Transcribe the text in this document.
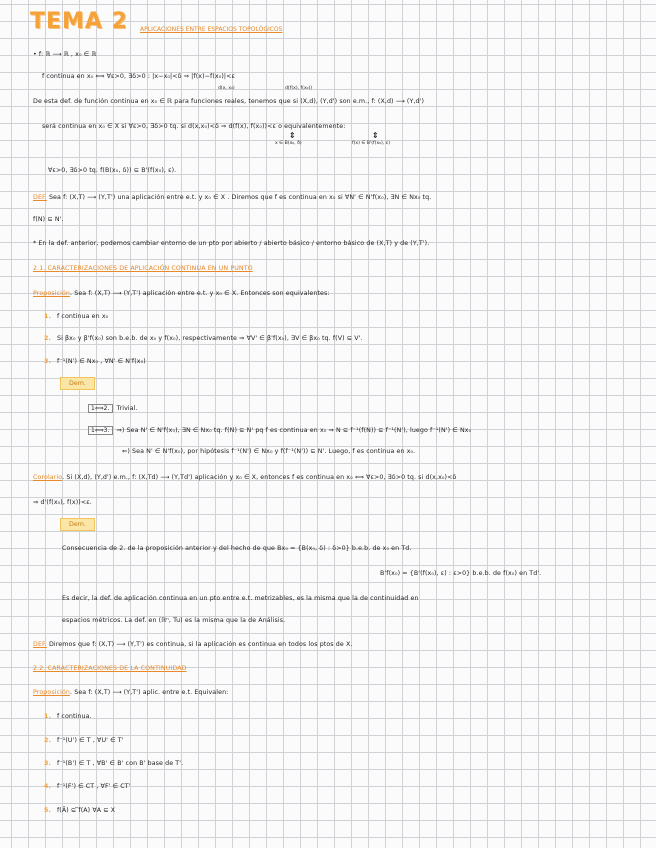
TEMA 2 APLICACIONES ENTRE ESPACIOS TOPOLÓGICOS
• f: ℝ ⟶ ℝ , x₀ ∈ ℝ
f continua en x₀ ⟺ ∀ε>0, ∃δ>0 : |x−x₀|<δ ⇒ |f(x)−f(x₀)|<ε
d(x, x₀)	d(f(x), f(x₀))
De esta def. de función continua en x₀ ∈ ℝ para funciones reales, tenemos que si (X,d), (Y,d') son e.m., f: (X,d) ⟶ (Y,d')
será continua en x₀ ∈ X si ∀ε>0, ∃δ>0 tq. si d(x,x₀)<δ ⇒ d(f(x), f(x₀))<ε o equivalentemente:
⇕	⇕
x ∈ B(x₀, δ)	f(x) ∈ B'(f(x₀), ε)
∀ε>0, ∃δ>0 tq. f(B(x₀, δ)) ⊆ B'(f(x₀), ε).
DEF. Sea f: (X,T) ⟶ (Y,T') una aplicación entre e.t. y x₀ ∈ X . Diremos que f es continua en x₀ si ∀N' ∈ N'f(x₀), ∃N ∈ Nx₀ tq.
f(N) ⊆ N'.
* En la def. anterior, podemos cambiar entorno de un pto por abierto / abierto básico / entorno básico de (X,T) y de (Y,T').
2.1. CARACTERIZACIONES DE APLICACIÓN CONTINUA EN UN PUNTO
Proposición. Sea f: (X,T) ⟶ (Y,T') aplicación entre e.t. y x₀ ∈ X. Entonces son equivalentes:
1. f continua en x₀
2. Si βx₀ y β'f(x₀) son b.e.b. de x₀ y f(x₀), respectivamente ⇒ ∀V' ∈ β'f(x₀), ∃V ∈ βx₀ tq. f(V) ⊆ V'.
3. f⁻¹(N') ∈ Nx₀ , ∀N' ∈ N'f(x₀)
Dem.
1⟺2. Trivial.
1⟺3. ⇒) Sea N' ∈ N'f(x₀), ∃N ∈ Nx₀ tq. f(N) ⊆ N' pq f es continua en x₀ ⇒ N ⊆ f⁻¹(f(N)) ⊆ f⁻¹(N'), luego f⁻¹(N') ∈ Nx₀
⇐) Sea N' ∈ N'f(x₀), por hipótesis f⁻¹(N') ∈ Nx₀ y f(f⁻¹(N')) ⊆ N'. Luego, f es continua en x₀.
Corolario. Si (X,d), (Y,d') e.m., f: (X,Td) ⟶ (Y,Td') aplicación y x₀ ∈ X, entonces f es continua en x₀ ⟺ ∀ε>0, ∃δ>0 tq. si d(x,x₀)<δ
⇒ d'(f(x₀), f(x))<ε.
Dem.
Consecuencia de 2. de la proposición anterior y del hecho de que Bx₀ = {B(x₀, δ) : δ>0} b.e.b. de x₀ en Td.
B'f(x₀) = {B'(f(x₀), ε) : ε>0} b.e.b. de f(x₀) en Td'.
Es decir, la def. de aplicación continua en un pto entre e.t. metrizables, es la misma que la de continuidad en
espacios métricos. La def. en (ℝⁿ, Tu) es la misma que la de Análisis.
DEF. Diremos que f: (X,T) ⟶ (Y,T') es continua, si la aplicación es continua en todos los ptos de X.
2.2. CARACTERIZACIONES DE LA CONTINUIDAD
Proposición. Sea f: (X,T) ⟶ (Y,T') aplic. entre e.t. Equivalen:
1. f continua.
2. f⁻¹(U') ∈ T , ∀U' ∈ T'
3. f⁻¹(B') ∈ T , ∀B' ∈ B' con B' base de T'.
4. f⁻¹(F') ∈ CT , ∀F' ∈ CT'
5. f(Ā) ⊆ ̅f(A) ∀A ⊆ X
